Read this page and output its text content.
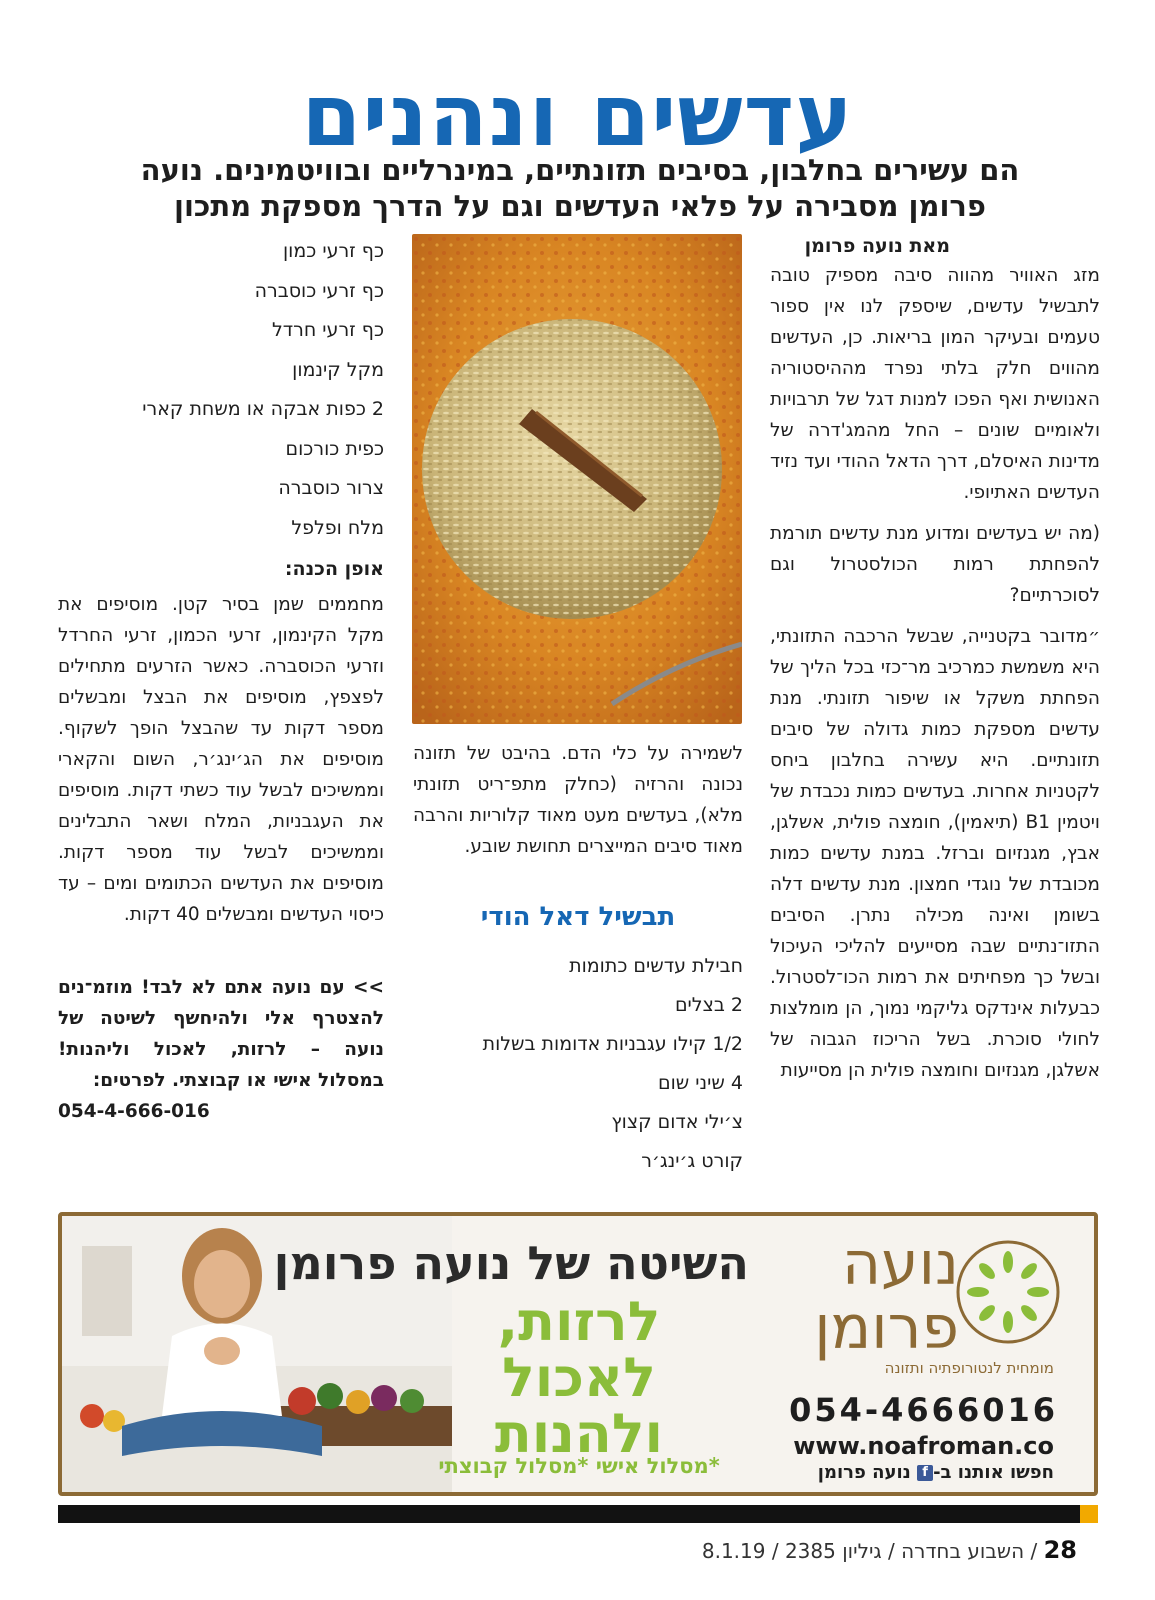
עדשים ונהנים
הם עשירים בחלבון, בסיבים תזונתיים, במינרליים ובוויטמינים. נועה פרומן מסבירה על פלאי העדשים וגם על הדרך מספקת מתכון
מאת נועה פרומן

מזג האוויר מהווה סיבה מספיק טובה לתבשיל עדשים, שיספק לנו אין ספור טעמים ובעיקר המון בריאות. כן, העדשים מהווים חלק בלתי נפרד מההיסטוריה האנושית ואף הפכו למנות דגל של תרבויות ולאומיים שונים – החל מהמג'דרה של מדינות האיסלם, דרך הדאל ההודי ועד נזיד העדשים האתיופי.

(מה יש בעדשים ומדוע מנת עדשים תורמת להפחתת רמות הכולסטרול וגם לסוכרתיים?

״מדובר בקטנייה, שבשל הרכבה התזונתי, היא משמשת כמרכיב מר־כזי בכל הליך של הפחתת משקל או שיפור תזונתי. מנת עדשים מספקת כמות גדולה של סיבים תזונתיים. היא עשירה בחלבון ביחס לקטניות אחרות. בעדשים כמות נכבדת של ויטמין B1 (תיאמין), חומצה פולית, אשלגן, אבץ, מגנזיום וברזל. במנת עדשים כמות מכובדת של נוגדי חמצון. מנת עדשים דלה בשומן ואינה מכילה נתרן. הסיבים התזו־נתיים שבה מסייעים להליכי העיכול ובשל כך מפחיתים את רמות הכו־לסטרול. כבעלות אינדקס גליקמי נמוך, הן מומלצות לחולי סוכרת. בשל הריכוז הגבוה של אשלגן, מגנזיום וחומצה פולית הן מסייעות

לשמירה על כלי הדם. בהיבט של תזונה נכונה והרזיה (כחלק מתפ־ריט תזונתי מלא), בעדשים מעט מאוד קלוריות והרבה מאוד סיבים המייצרים תחושת שובע.

תבשיל דאל הודי
חבילת עדשים כתומות
2 בצלים
1/2 קילו עגבניות אדומות בשלות
4 שיני שום
צ׳ילי אדום קצוץ
קורט ג׳ינג׳ר
כף זרעי כמון
כף זרעי כוסברה
כף זרעי חרדל
מקל קינמון
2 כפות אבקה או משחת קארי
כפית כורכום
צרור כוסברה
מלח ופלפל
אופן הכנה:

מחממים שמן בסיר קטן. מוסיפים את מקל הקינמון, זרעי הכמון, זרעי החרדל וזרעי הכוסברה. כאשר הזרעים מתחילים לפצפץ, מוסיפים את הבצל ומבשלים מספר דקות עד שהבצל הופך לשקוף. מוסיפים את הג׳ינג׳ר, השום והקארי וממשיכים לבשל עוד כשתי דקות. מוסיפים את העגבניות, המלח ושאר התבלינים וממשיכים לבשל עוד מספר דקות. מוסיפים את העדשים הכתומים ומים – עד כיסוי העדשים ומבשלים 40 דקות.

>> עם נועה אתם לא לבד! מוזמ־נים להצטרף אלי ולהיחשף לשיטה של נועה – לרזות, לאכול וליהנות! במסלול אישי או קבוצתי. לפרטים:

054-4-666-016
השיטה של נועה פרומן
לרזות,
לאכול
ולהנות
*מסלול אישי *מסלול קבוצתי
נועה
פרומן
מומחית לנטורופתיה ותזונה
054-4666016
www.noafroman.co
חפשו אותנו ב-f נועה פרומן
28 / השבוע בחדרה / גיליון 2385 / 8.1.19
